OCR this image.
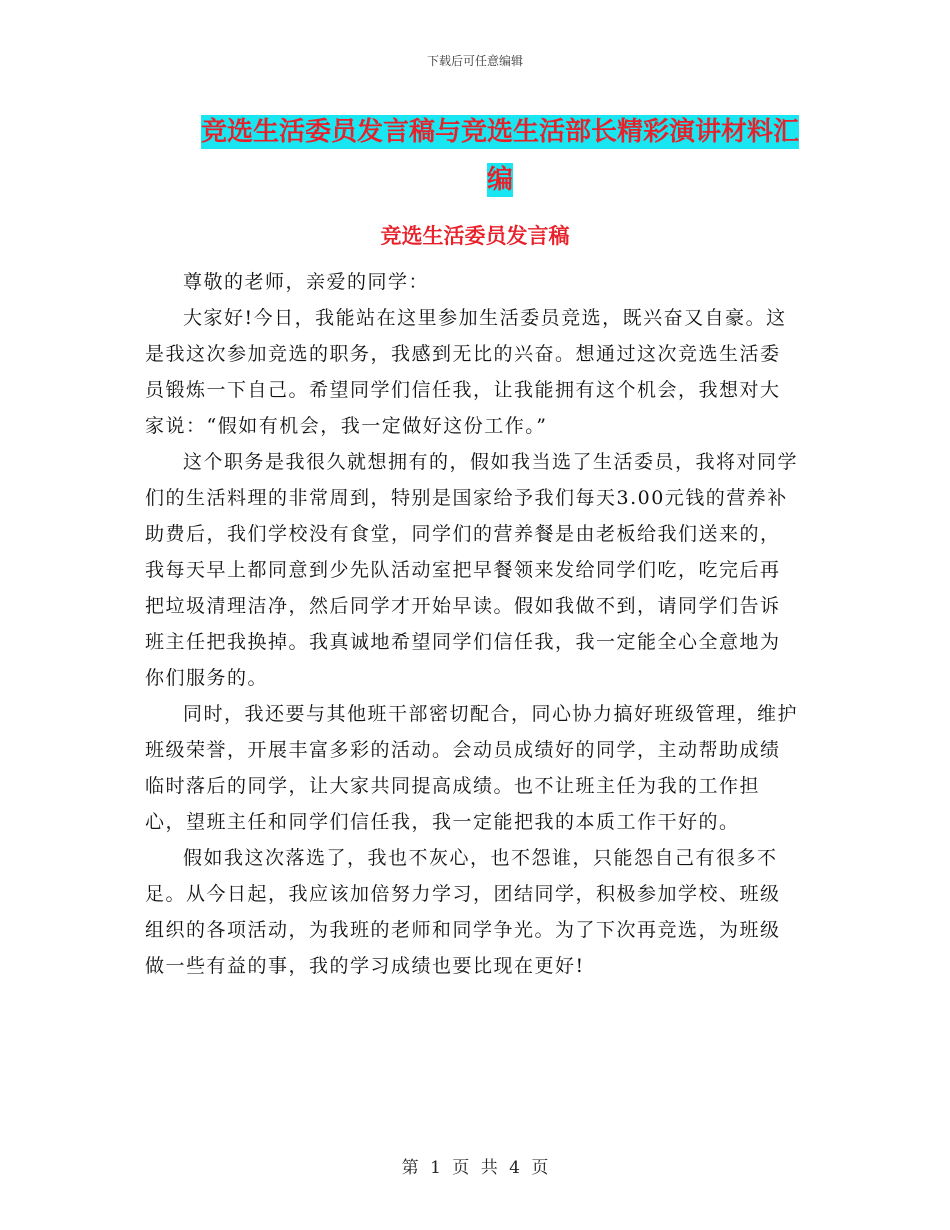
下载后可任意编辑
竞选生活委员发言稿与竞选生活部长精彩演讲材料汇编
竞选生活委员发言稿

尊敬的老师，亲爱的同学：

大家好!今日，我能站在这里参加生活委员竞选，既兴奋又自豪。这是我这次参加竞选的职务，我感到无比的兴奋。想通过这次竞选生活委员锻炼一下自己。希望同学们信任我，让我能拥有这个机会，我想对大家说：“假如有机会，我一定做好这份工作。”

这个职务是我很久就想拥有的，假如我当选了生活委员，我将对同学们的生活料理的非常周到，特别是国家给予我们每天3.00元钱的营养补助费后，我们学校没有食堂，同学们的营养餐是由老板给我们送来的，我每天早上都同意到少先队活动室把早餐领来发给同学们吃，吃完后再把垃圾清理洁净，然后同学才开始早读。假如我做不到，请同学们告诉班主任把我换掉。我真诚地希望同学们信任我，我一定能全心全意地为你们服务的。

同时，我还要与其他班干部密切配合，同心协力搞好班级管理，维护班级荣誉，开展丰富多彩的活动。会动员成绩好的同学，主动帮助成绩临时落后的同学，让大家共同提高成绩。也不让班主任为我的工作担心，望班主任和同学们信任我，我一定能把我的本质工作干好的。

假如我这次落选了，我也不灰心，也不怨谁，只能怨自己有很多不足。从今日起，我应该加倍努力学习，团结同学，积极参加学校、班级组织的各项活动，为我班的老师和同学争光。为了下次再竞选，为班级做一些有益的事，我的学习成绩也要比现在更好!

第 1 页 共 4 页
